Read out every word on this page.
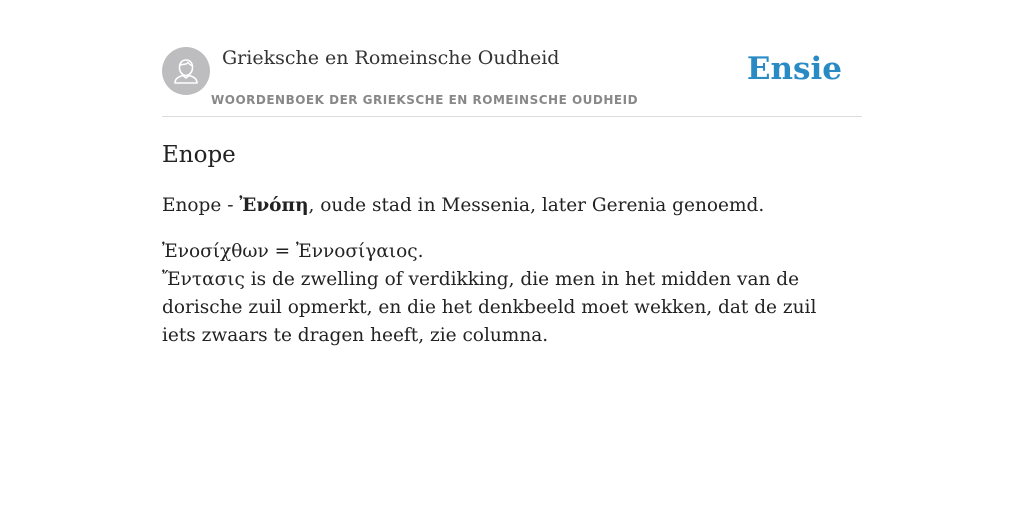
Grieksche en Romeinsche Oudheid
WOORDENBOEK DER GRIEKSCHE EN ROMEINSCHE OUDHEID
Ensie
Enope
Enope - Ἐνόπη, oude stad in Messenia, later Gerenia genoemd.

Ἐνοσίχθων = Ἐννοσίγαιος.

Ἔντασις is de zwelling of verdikking, die men in het midden van de dorische zuil opmerkt, en die het denkbeeld moet wekken, dat de zuil iets zwaars te dragen heeft, zie columna.
